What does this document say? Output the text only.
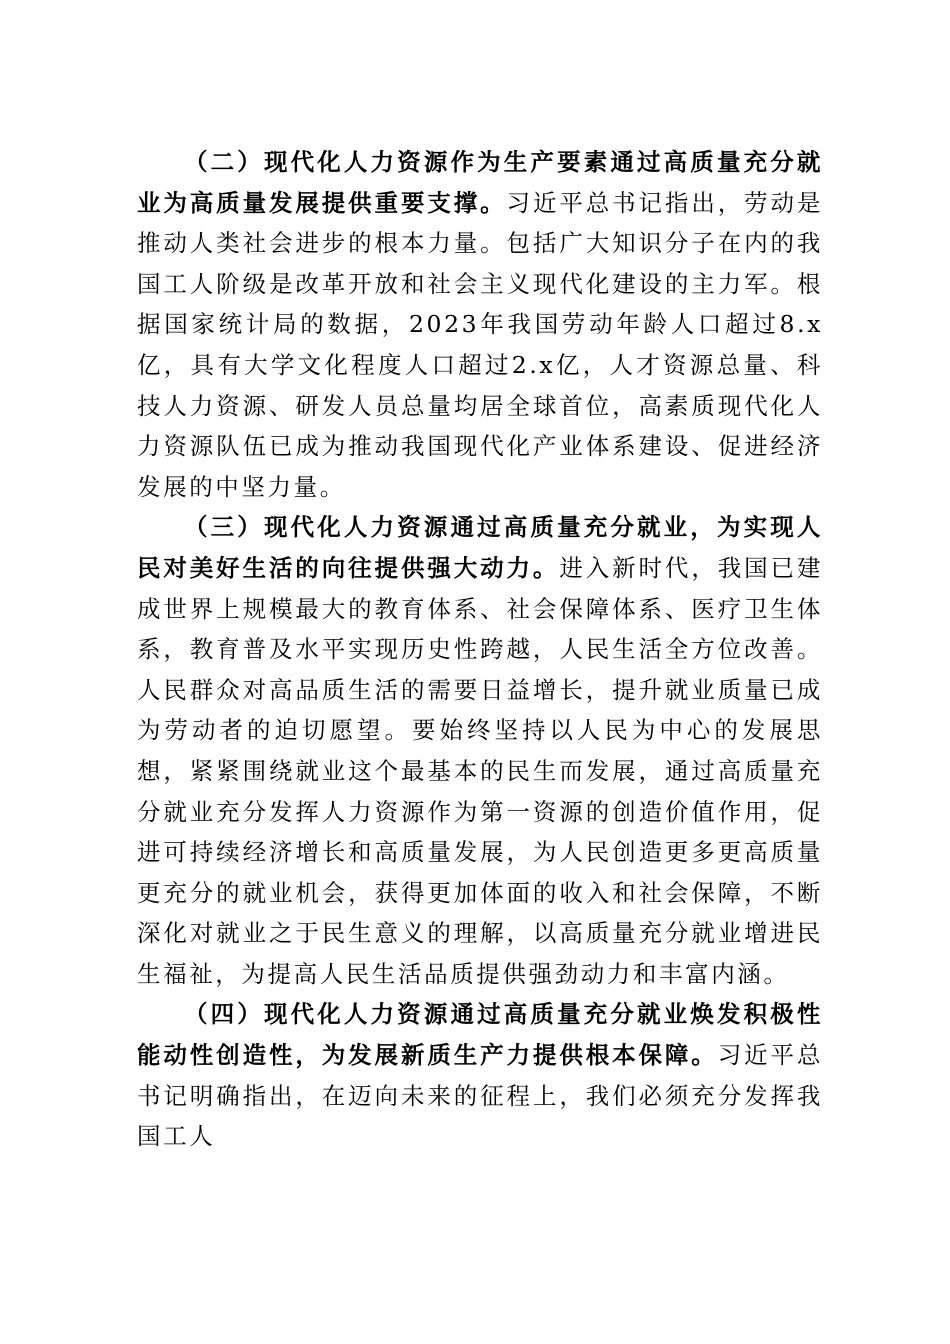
（二）现代化人力资源作为生产要素通过高质量充分就业为高质量发展提供重要支撑。习近平总书记指出，劳动是推动人类社会进步的根本力量。包括广大知识分子在内的我国工人阶级是改革开放和社会主义现代化建设的主力军。根据国家统计局的数据，2023年我国劳动年龄人口超过8.x亿，具有大学文化程度人口超过2.x亿，人才资源总量、科技人力资源、研发人员总量均居全球首位，高素质现代化人力资源队伍已成为推动我国现代化产业体系建设、促进经济发展的中坚力量。

（三）现代化人力资源通过高质量充分就业，为实现人民对美好生活的向往提供强大动力。进入新时代，我国已建成世界上规模最大的教育体系、社会保障体系、医疗卫生体系，教育普及水平实现历史性跨越，人民生活全方位改善。人民群众对高品质生活的需要日益增长，提升就业质量已成为劳动者的迫切愿望。要始终坚持以人民为中心的发展思想，紧紧围绕就业这个最基本的民生而发展，通过高质量充分就业充分发挥人力资源作为第一资源的创造价值作用，促进可持续经济增长和高质量发展，为人民创造更多更高质量更充分的就业机会，获得更加体面的收入和社会保障，不断深化对就业之于民生意义的理解，以高质量充分就业增进民生福祉，为提高人民生活品质提供强劲动力和丰富内涵。

（四）现代化人力资源通过高质量充分就业焕发积极性能动性创造性，为发展新质生产力提供根本保障。习近平总书记明确指出，在迈向未来的征程上，我们必须充分发挥我国工人
